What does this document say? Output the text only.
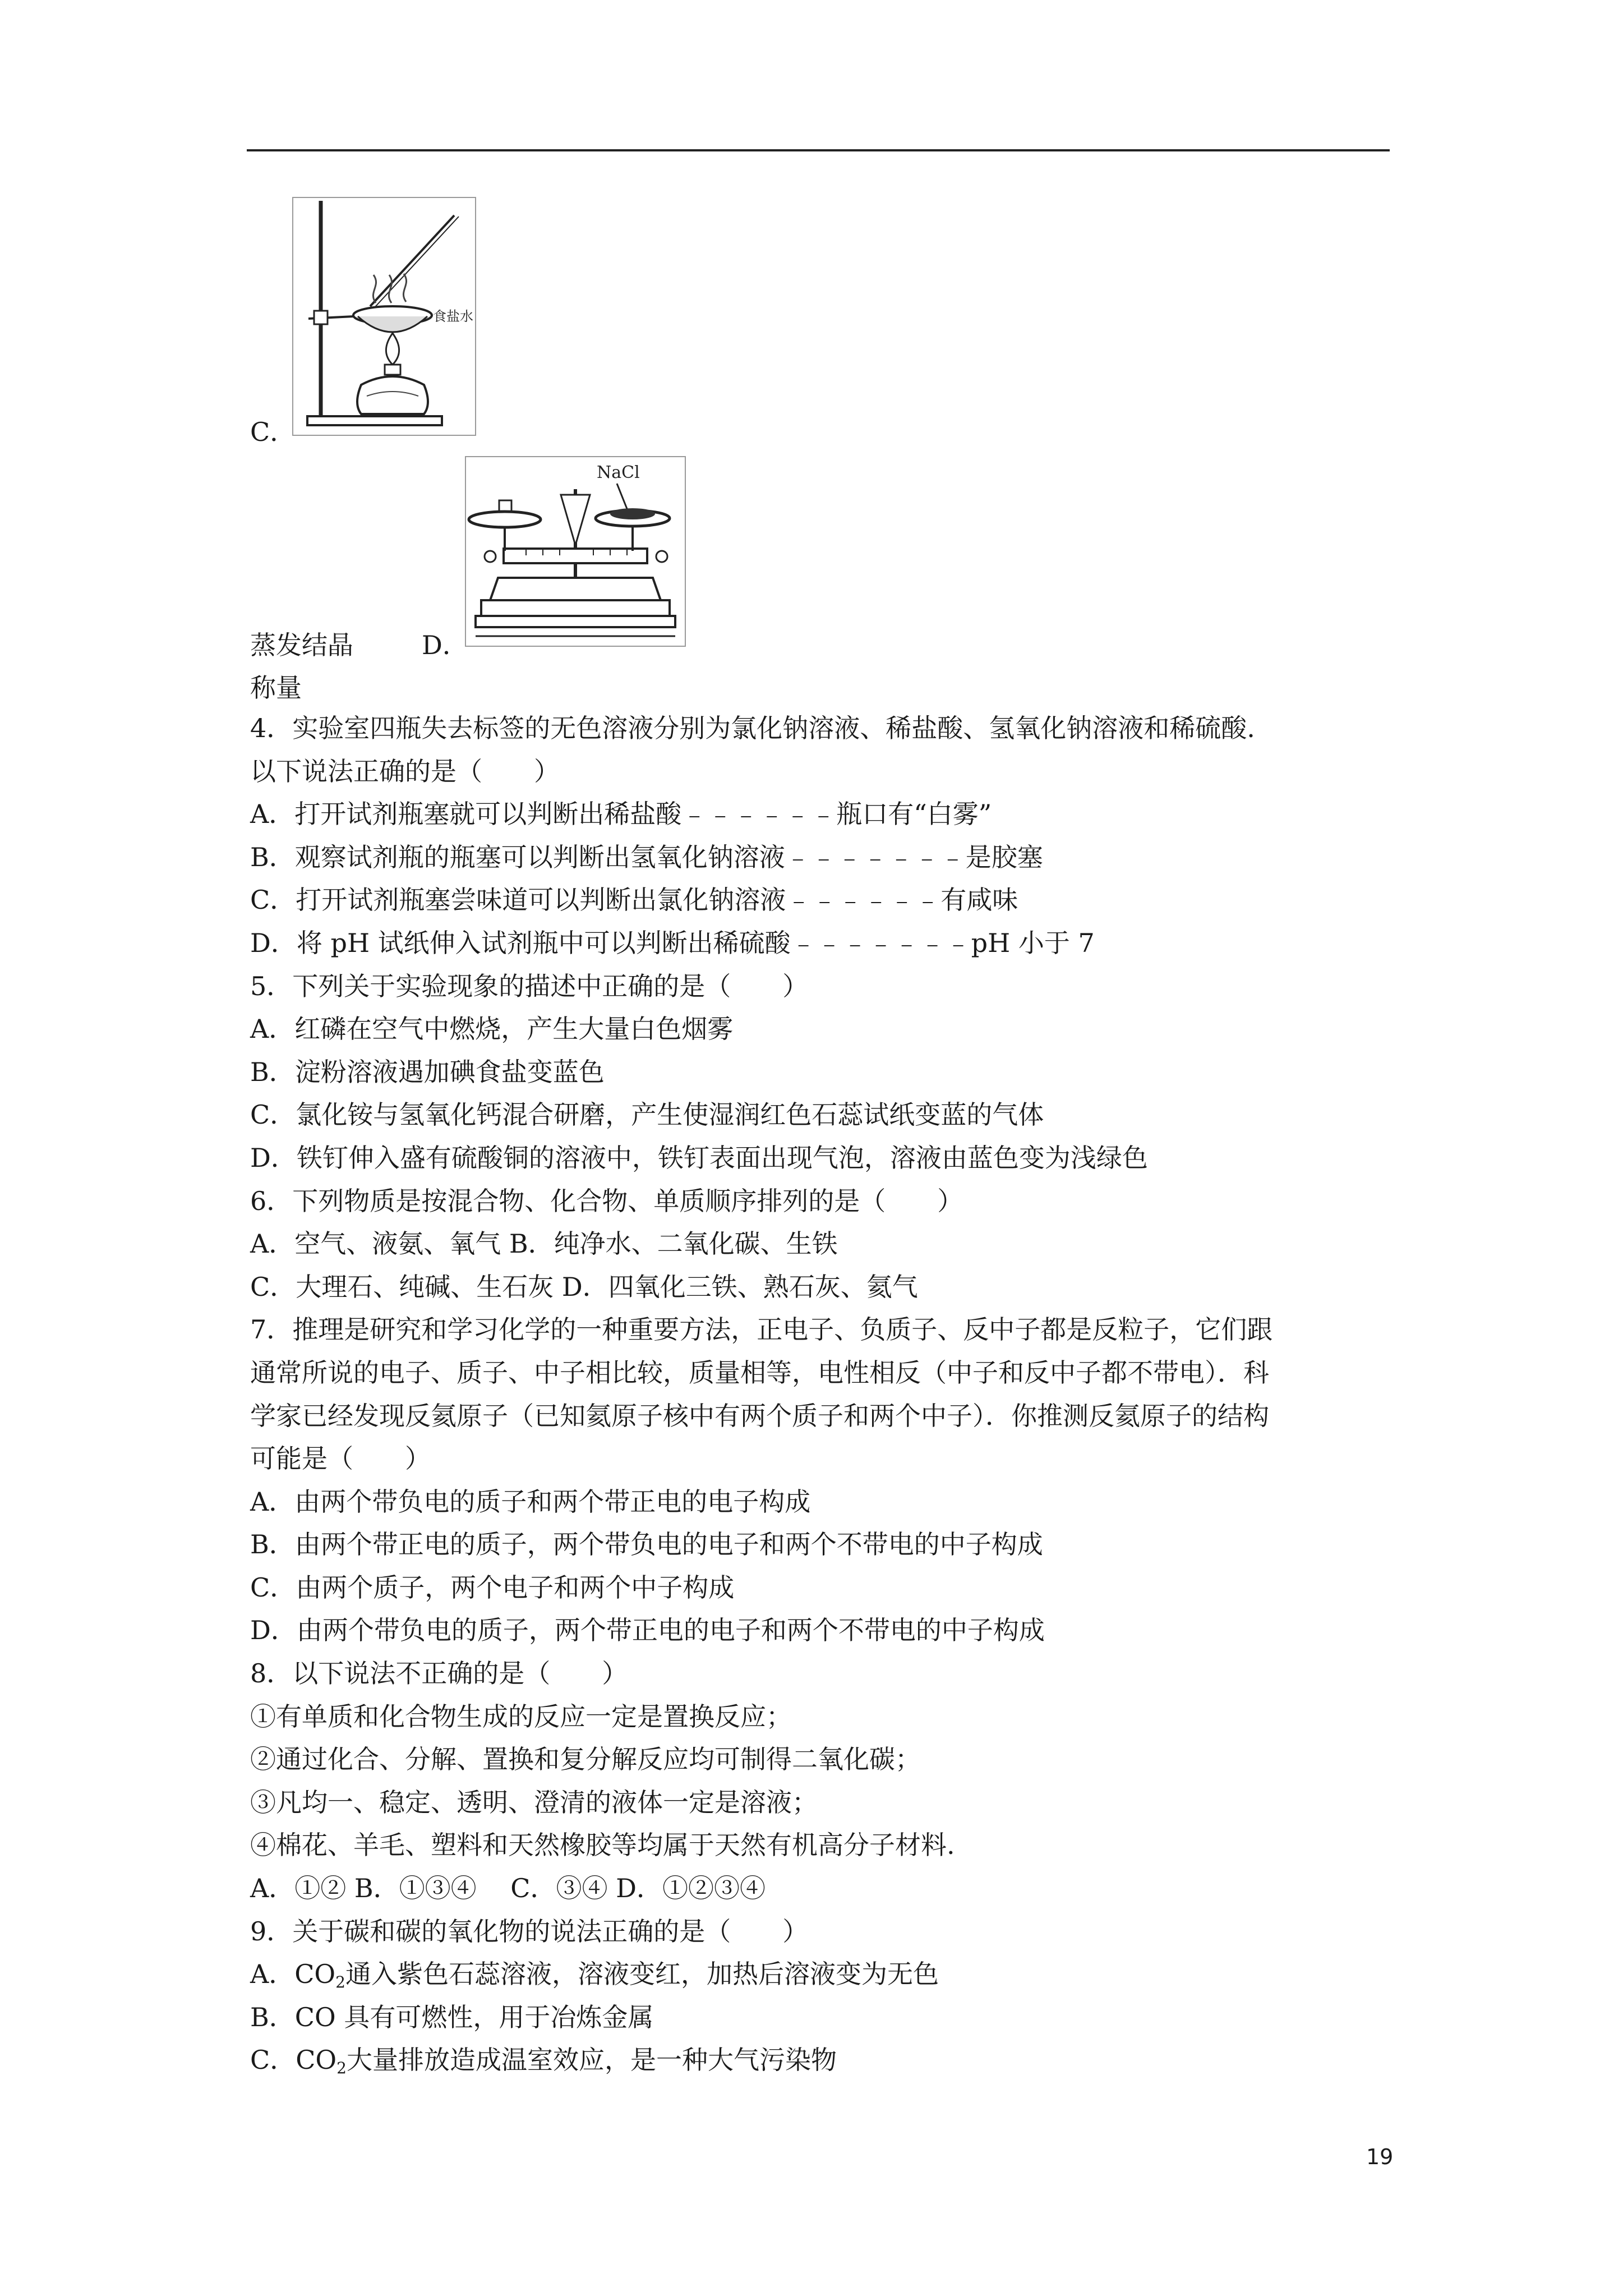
C．
食盐水
蒸发结晶	D．
NaCl
称量
4．实验室四瓶失去标签的无色溶液分别为氯化钠溶液、稀盐酸、氢氧化钠溶液和稀硫酸.
以下说法正确的是（　　）
A．打开试剂瓶塞就可以判断出稀盐酸﹣﹣﹣﹣﹣﹣瓶口有“白雾”
B．观察试剂瓶的瓶塞可以判断出氢氧化钠溶液﹣﹣﹣﹣﹣﹣﹣是胶塞
C．打开试剂瓶塞尝味道可以判断出氯化钠溶液﹣﹣﹣﹣﹣﹣有咸味
D．将 pH 试纸伸入试剂瓶中可以判断出稀硫酸﹣﹣﹣﹣﹣﹣﹣pH 小于 7
5．下列关于实验现象的描述中正确的是（　　）
A．红磷在空气中燃烧，产生大量白色烟雾
B．淀粉溶液遇加碘食盐变蓝色
C．氯化铵与氢氧化钙混合研磨，产生使湿润红色石蕊试纸变蓝的气体
D．铁钉伸入盛有硫酸铜的溶液中，铁钉表面出现气泡，溶液由蓝色变为浅绿色
6．下列物质是按混合物、化合物、单质顺序排列的是（　　）
A．空气、液氨、氧气 B．纯净水、二氧化碳、生铁
C．大理石、纯碱、生石灰 D．四氧化三铁、熟石灰、氦气
7．推理是研究和学习化学的一种重要方法，正电子、负质子、反中子都是反粒子，它们跟
通常所说的电子、质子、中子相比较，质量相等，电性相反（中子和反中子都不带电）．科
学家已经发现反氦原子（已知氦原子核中有两个质子和两个中子）．你推测反氦原子的结构
可能是（　　）
A．由两个带负电的质子和两个带正电的电子构成
B．由两个带正电的质子，两个带负电的电子和两个不带电的中子构成
C．由两个质子，两个电子和两个中子构成
D．由两个带负电的质子，两个带正电的电子和两个不带电的中子构成
8．以下说法不正确的是（　　）
①有单质和化合物生成的反应一定是置换反应；
②通过化合、分解、置换和复分解反应均可制得二氧化碳；
③凡均一、稳定、透明、澄清的液体一定是溶液；
④棉花、羊毛、塑料和天然橡胶等均属于天然有机高分子材料.
A．①② B．①③④　 C．③④ D．①②③④
9．关于碳和碳的氧化物的说法正确的是（　　）
A．$CO_2$通入紫色石蕊溶液，溶液变红，加热后溶液变为无色
B．CO 具有可燃性，用于冶炼金属
C．$CO_2$大量排放造成温室效应，是一种大气污染物
19
